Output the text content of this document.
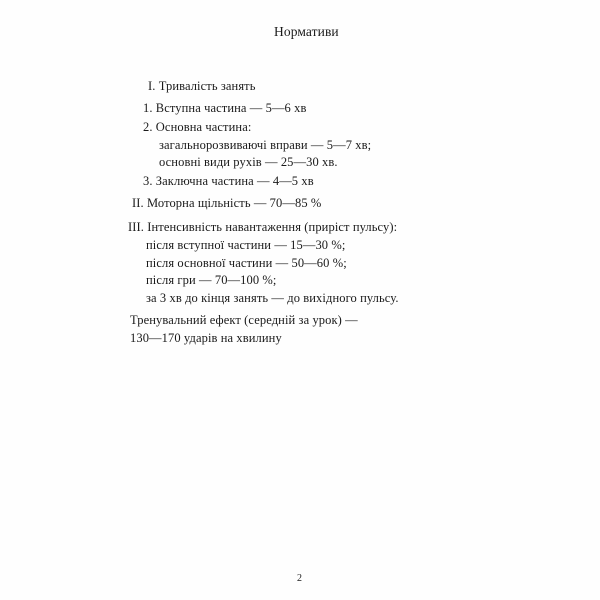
Нормативи
I. Тривалість занять
1. Вступна частина — 5—6 хв
2. Основна частина:
загальнорозвиваючі вправи — 5—7 хв;
основні види рухів — 25—30 хв.
3. Заключна частина — 4—5 хв
II. Моторна щільність — 70—85 %
III. Інтенсивність навантаження (приріст пульсу):
після вступної частини — 15—30 %;
після основної частини — 50—60 %;
після гри — 70—100 %;
за 3 хв до кінця занять — до вихідного пульсу.
Тренувальний ефект (середній за урок) —
130—170 ударів на хвилину
2
